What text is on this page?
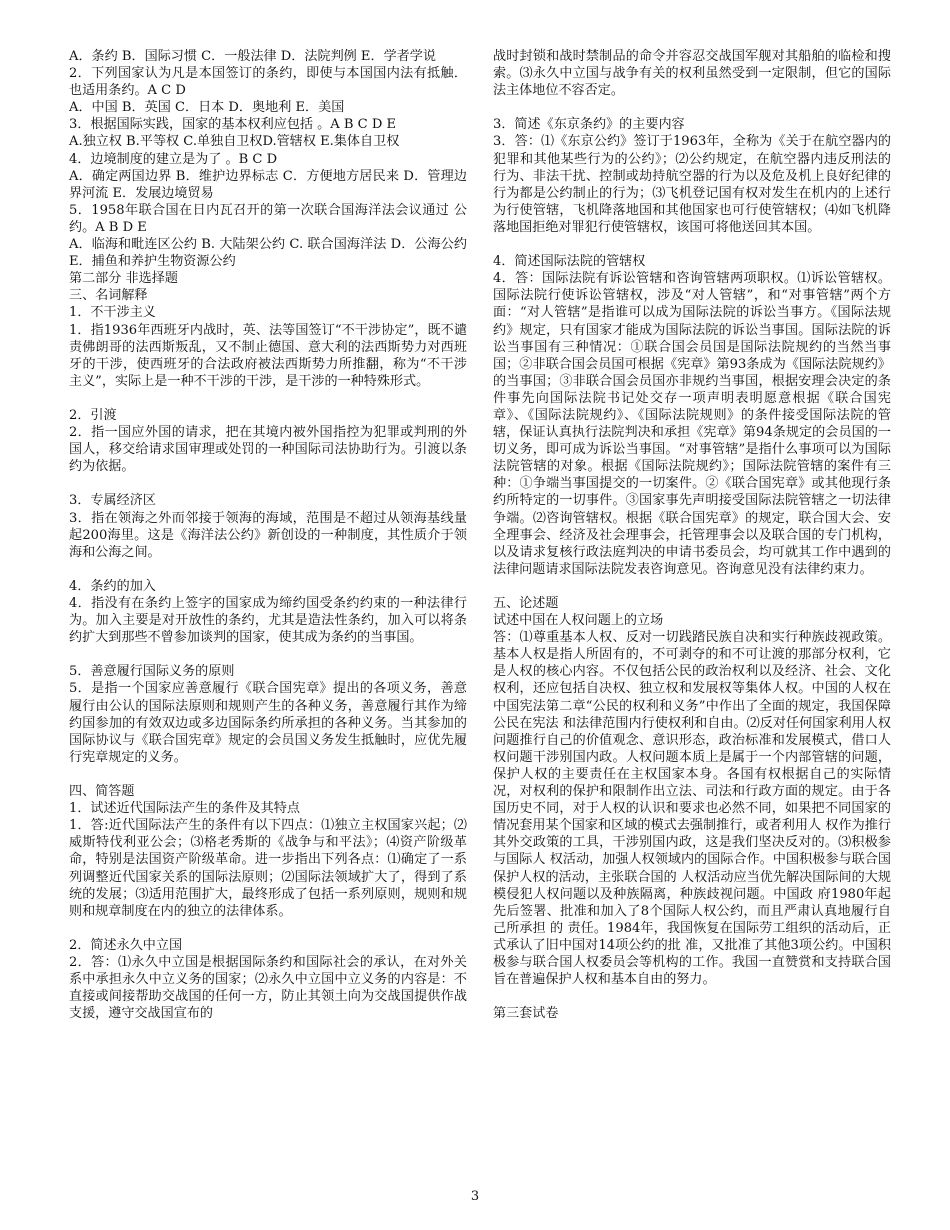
A．条约 B．国际习惯 C．一般法律 D．法院判例 E．学者学说

2．下列国家认为凡是本国签订的条约，即使与本国国内法有抵触．也适用条约。A C D

A．中国 B．英国 C．日本 D．奥地利 E．美国

3．根据国际实践，国家的基本权利应包括 。A B C D E

A.独立权 B.平等权 C.单独自卫权D.管辖权 E.集体自卫权

4．边境制度的建立是为了 。B C D

A．确定两国边界 B．维护边界标志 C．方便地方居民来 D．管理边界河流 E．发展边境贸易

5．1958年联合国在日内瓦召开的第一次联合国海洋法会议通过 公约。A B D E

A．临海和毗连区公约 B. 大陆架公约 C. 联合国海洋法 D．公海公约 E．捕鱼和养护生物资源公约

第二部分 非选择题

三、名词解释

1．不干涉主义

1．指1936年西班牙内战时，英、法等国签订“不干涉协定”，既不谴责佛朗哥的法西斯叛乱，又不制止德国、意大利的法西斯势力对西班牙的干涉，使西班牙的合法政府被法西斯势力所推翻，称为“不干涉主义”，实际上是一种不干涉的干涉，是干涉的一种特殊形式。

2．引渡

2．指一国应外国的请求，把在其境内被外国指控为犯罪或判刑的外国人，移交给请求国审理或处罚的一种国际司法协助行为。引渡以条约为依据。

3．专属经济区

3．指在领海之外而邻接于领海的海域，范围是不超过从领海基线量起200海里。这是《海洋法公约》新创设的一种制度，其性质介于领海和公海之间。

4．条约的加入

4．指没有在条约上签字的国家成为缔约国受条约约束的一种法律行为。加入主要是对开放性的条约，尤其是造法性条约，加入可以将条约扩大到那些不曾参加谈判的国家，使其成为条约的当事国。

5．善意履行国际义务的原则

5．是指一个国家应善意履行《联合国宪章》提出的各项义务，善意履行由公认的国际法原则和规则产生的各种义务，善意履行其作为缔约国参加的有效双边或多边国际条约所承担的各种义务。当其参加的国际协议与《联合国宪章》规定的会员国义务发生抵触时，应优先履行宪章规定的义务。

四、简答题

1．试述近代国际法产生的条件及其特点

1．答:近代国际法产生的条件有以下四点：⑴独立主权国家兴起；⑵威斯特伐利亚公会；⑶格老秀斯的《战争与和平法》；⑷资产阶级革命，特别是法国资产阶级革命。进一步指出下列各点：⑴确定了一系列调整近代国家关系的国际法原则；⑵国际法领域扩大了，得到了系统的发展；⑶适用范围扩大，最终形成了包括一系列原则，规则和规则和规章制度在内的独立的法律体系。

2．简述永久中立国

2．答：⑴永久中立国是根据国际条约和国际社会的承认，在对外关系中承担永久中立义务的国家；⑵永久中立国中立义务的内容是：不直接或间接帮助交战国的任何一方，防止其领土向为交战国提供作战支援，遵守交战国宣布的

战时封锁和战时禁制品的命令并容忍交战国军舰对其船舶的临检和搜索。⑶永久中立国与战争有关的权利虽然受到一定限制，但它的国际法主体地位不容否定。

3．简述《东京条约》的主要内容

3．答：⑴《东京公约》签订于1963年，全称为《关于在航空器内的犯罪和其他某些行为的公约》；⑵公约规定，在航空器内违反刑法的行为、非法干扰、控制或劫持航空器的行为以及危及机上良好纪律的行为都是公约制止的行为；⑶飞机登记国有权对发生在机内的上述行为行使管辖，飞机降落地国和其他国家也可行使管辖权；⑷如飞机降落地国拒绝对罪犯行使管辖权，该国可将他送回其本国。

4．简述国际法院的管辖权

4．答：国际法院有诉讼管辖和咨询管辖两项职权。⑴诉讼管辖权。国际法院行使诉讼管辖权，涉及“对人管辖”，和“对事管辖”两个方面：“对人管辖”是指谁可以成为国际法院的诉讼当事方。《国际法规约》规定，只有国家才能成为国际法院的诉讼当事国。国际法院的诉讼当事国有三种情况：①联合国会员国是国际法院规约的当然当事国；②非联合国会员国可根据《宪章》第93条成为《国际法院规约》的当事国；③非联合国会员国亦非规约当事国，根据安理会决定的条件事先向国际法院书记处交存一项声明表明愿意根据《联合国宪章》、《国际法院规约》、《国际法院规则》的条件接受国际法院的管辖，保证认真执行法院判决和承担《宪章》第94条规定的会员国的一切义务，即可成为诉讼当事国。“对事管辖”是指什么事项可以为国际法院管辖的对象。根据《国际法院规约》；国际法院管辖的案件有三种：①争端当事国提交的一切案件。②《联合国宪章》或其他现行条约所特定的一切事件。③国家事先声明接受国际法院管辖之一切法律争端。⑵咨询管辖权。根据《联合国宪章》的规定，联合国大会、安全理事会、经济及社会理事会，托管理事会以及联合国的专门机构，以及请求复核行政法庭判决的申请书委员会，均可就其工作中遇到的法律问题请求国际法院发表咨询意见。咨询意见没有法律约束力。

五、论述题

试述中国在人权问题上的立场

答：⑴尊重基本人权、反对一切践踏民族自决和实行种族歧视政策。基本人权是指人所固有的，不可剥夺的和不可让渡的那部分权利，它是人权的核心内容。不仅包括公民的政治权利以及经济、社会、文化权利，还应包括自决权、独立权和发展权等集体人权。中国的人权在中国宪法第二章“公民的权利和义务”中作出了全面的规定，我国保障公民在宪法 和法律范围内行使权利和自由。⑵反对任何国家利用人权问题推行自己的价值观念、意识形态，政治标准和发展模式，借口人权问题干涉别国内政。人权问题本质上是属于一个内部管辖的问题，保护人权的主要责任在主权国家本身。各国有权根据自己的实际情况，对权利的保护和限制作出立法、司法和行政方面的规定。由于各国历史不同，对于人权的认识和要求也必然不同，如果把不同国家的情况套用某个国家和区域的模式去强制推行，或者利用人 权作为推行其外交政策的工具，干涉别国内政，这是我们坚决反对的。⑶积极参与国际人 权活动，加强人权领域内的国际合作。中国积极参与联合国保护人权的活动，主张联合国的 人权活动应当优先解决国际间的大规模侵犯人权问题以及种族隔离，种族歧视问题。中国政 府1980年起先后签署、批准和加入了8个国际人权公约，而且严肃认真地履行自己所承担 的 责任。1984年，我国恢复在国际劳工组织的活动后，正式承认了旧中国对14项公约的批 准，又批准了其他3项公约。中国积极参与联合国人权委员会等机构的工作。我国一直赞赏和支持联合国旨在普遍保护人权和基本自由的努力。

第三套试卷

3
